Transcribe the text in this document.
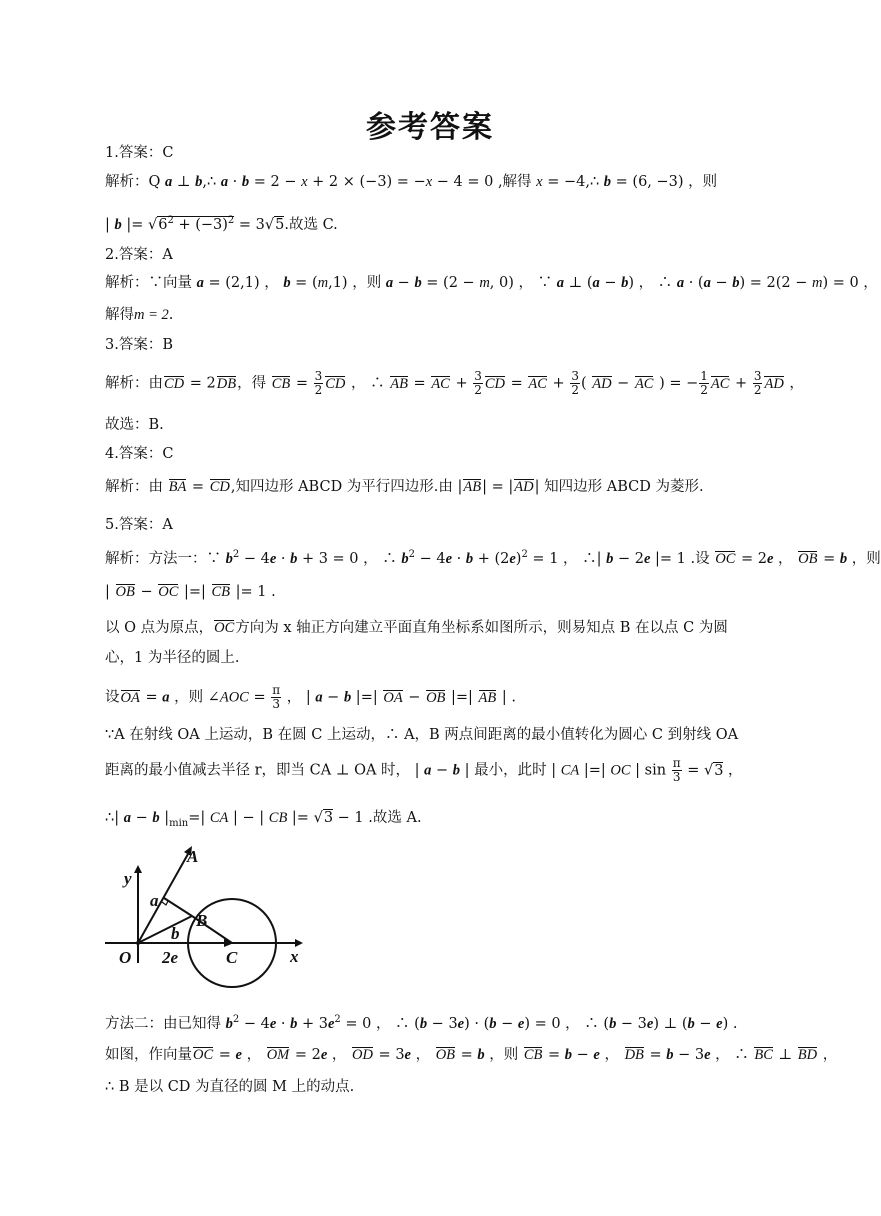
参考答案
1.答案：C
解析：Q a ⊥ b,∴ a · b = 2 − x + 2 × (−3) = −x − 4 = 0 ,解得 x = −4,∴ b = (6, −3) ，则
| b |= $√6^2 + (-3)^2 = 3√5$.故选 C.
2.答案：A
解析：∵向量 a = (2,1) ， b = (m,1) ，则 a − b = (2 − m, 0) ， ∵ a ⊥ (a − b) ， ∴ a · (a − b) = 2(2 − m) = 0 ，
解得m = 2.
3.答案：B
解析：由CD = 2DB，得 CB = $\frac{3}{2}$ CD ， ∴ AB = AC + $\frac{3}{2}$ CD = AC + $\frac{3}{2}$ ( AD − AC ) = − $\frac{1}{2}$ AC + $\frac{3}{2}$ AD ，
故选：B.
4.答案：C
解析：由 BA = CD,知四边形 ABCD 为平行四边形.由 |AB| = |AD| 知四边形 ABCD 为菱形.
5.答案：A
解析：方法一：∵ $b^2 - 4e \cdot b + 3 = 0$ ， ∴ $b^2 - 4e \cdot b + (2e)^2 = 1$ ， ∴| b − 2e |= 1 .设 OC = 2e ， OB = b ，则
| OB − OC |=| CB |= 1 .
以 O 点为原点，OC方向为 x 轴正方向建立平面直角坐标系如图所示，则易知点 B 在以点 C 为圆
心，1 为半径的圆上.
设OA = a ，则 ∠AOC = $\frac{\pi}{3}$ ， | a − b |=| OA − OB |=| AB | .
∵A 在射线 OA 上运动，B 在圆 C 上运动，∴ A，B 两点间距离的最小值转化为圆心 C 到射线 OA
距离的最小值减去半径 r，即当 CA ⊥ OA 时， | a − b | 最小，此时 | CA |=| OC | $\sin \frac{\pi}{3} = √3$ ，
∴| a − b $|_{min}=|$ CA | − | CB |= √3 − 1 .故选 A.
A
B
C
O	x
y
a
b
2e
方法二：由已知得 $b^2 - 4e \cdot b + 3e^2 = 0$ ， ∴ (b − 3e) · (b − e) = 0 ， ∴ (b − 3e) ⊥ (b − e) .
如图，作向量OC = e ， OM = 2e ， OD = 3e ， OB = b ，则 CB = b − e ， DB = b − 3e ， ∴ BC ⊥ BD ，
∴ B 是以 CD 为直径的圆 M 上的动点.
